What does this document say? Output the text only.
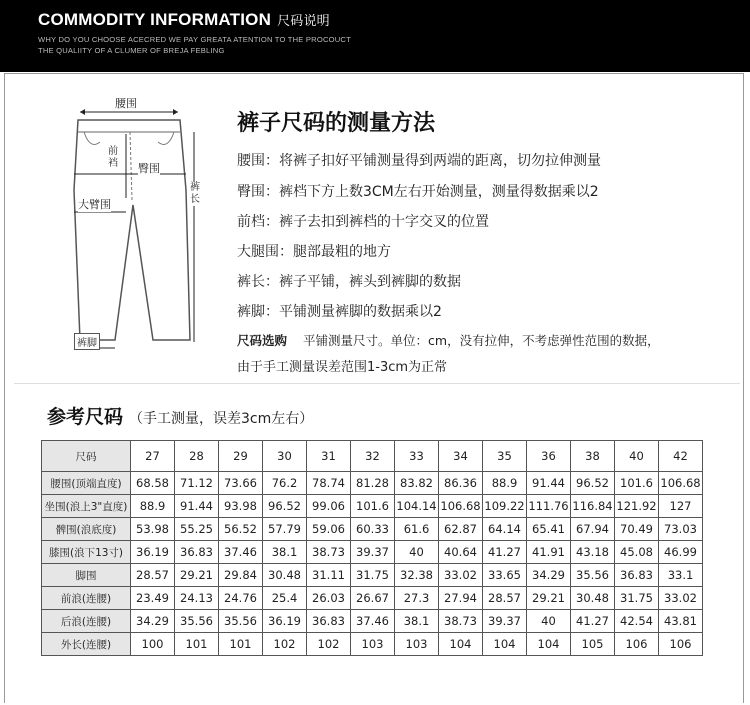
COMMODITY INFORMATION 尺码说明
WHY DO YOU CHOOSE ACECRED WE PAY GREATA ATENTION TO THE PROCOUCT
THE QUALIITY OF A CLUMER OF BREJA FEBLING
腰围
前裆 臀围
大臂围
裤长
裤脚
裤子尺码的测量方法
腰围：将裤子扣好平铺测量得到两端的距离，切勿拉伸测量
臀围：裤档下方上数3CM左右开始测量，测量得数据乘以2
前档：裤子去扣到裤档的十字交叉的位置
大腿围：腿部最粗的地方
裤长：裤子平铺，裤头到裤脚的数据
裤脚：平铺测量裤脚的数据乘以2
尺码选购 平铺测量尺寸。单位：cm，没有拉伸，不考虑弹性范围的数据，
由于手工测量误差范围1-3cm为正常
参考尺码 （手工测量，误差3cm左右）
尺码	27	28	29	30	31	32	33	34	35	36	38	40	42
腰围(顶端直度)	68.58	71.12	73.66	76.2	78.74	81.28	83.82	86.36	88.9	91.44	96.52	101.6	106.68
坐围(浪上3"直度)	88.9	91.44	93.98	96.52	99.06	101.6	104.14	106.68	109.22	111.76	116.84	121.92	127
髀围(浪底度)	53.98	55.25	56.52	57.79	59.06	60.33	61.6	62.87	64.14	65.41	67.94	70.49	73.03
膝围(浪下13寸)	36.19	36.83	37.46	38.1	38.73	39.37	40	40.64	41.27	41.91	43.18	45.08	46.99
脚围	28.57	29.21	29.84	30.48	31.11	31.75	32.38	33.02	33.65	34.29	35.56	36.83	33.1
前浪(连腰)	23.49	24.13	24.76	25.4	26.03	26.67	27.3	27.94	28.57	29.21	30.48	31.75	33.02
后浪(连腰)	34.29	35.56	35.56	36.19	36.83	37.46	38.1	38.73	39.37	40	41.27	42.54	43.81
外长(连腰)	100	101	101	102	102	103	103	104	104	104	105	106	106
